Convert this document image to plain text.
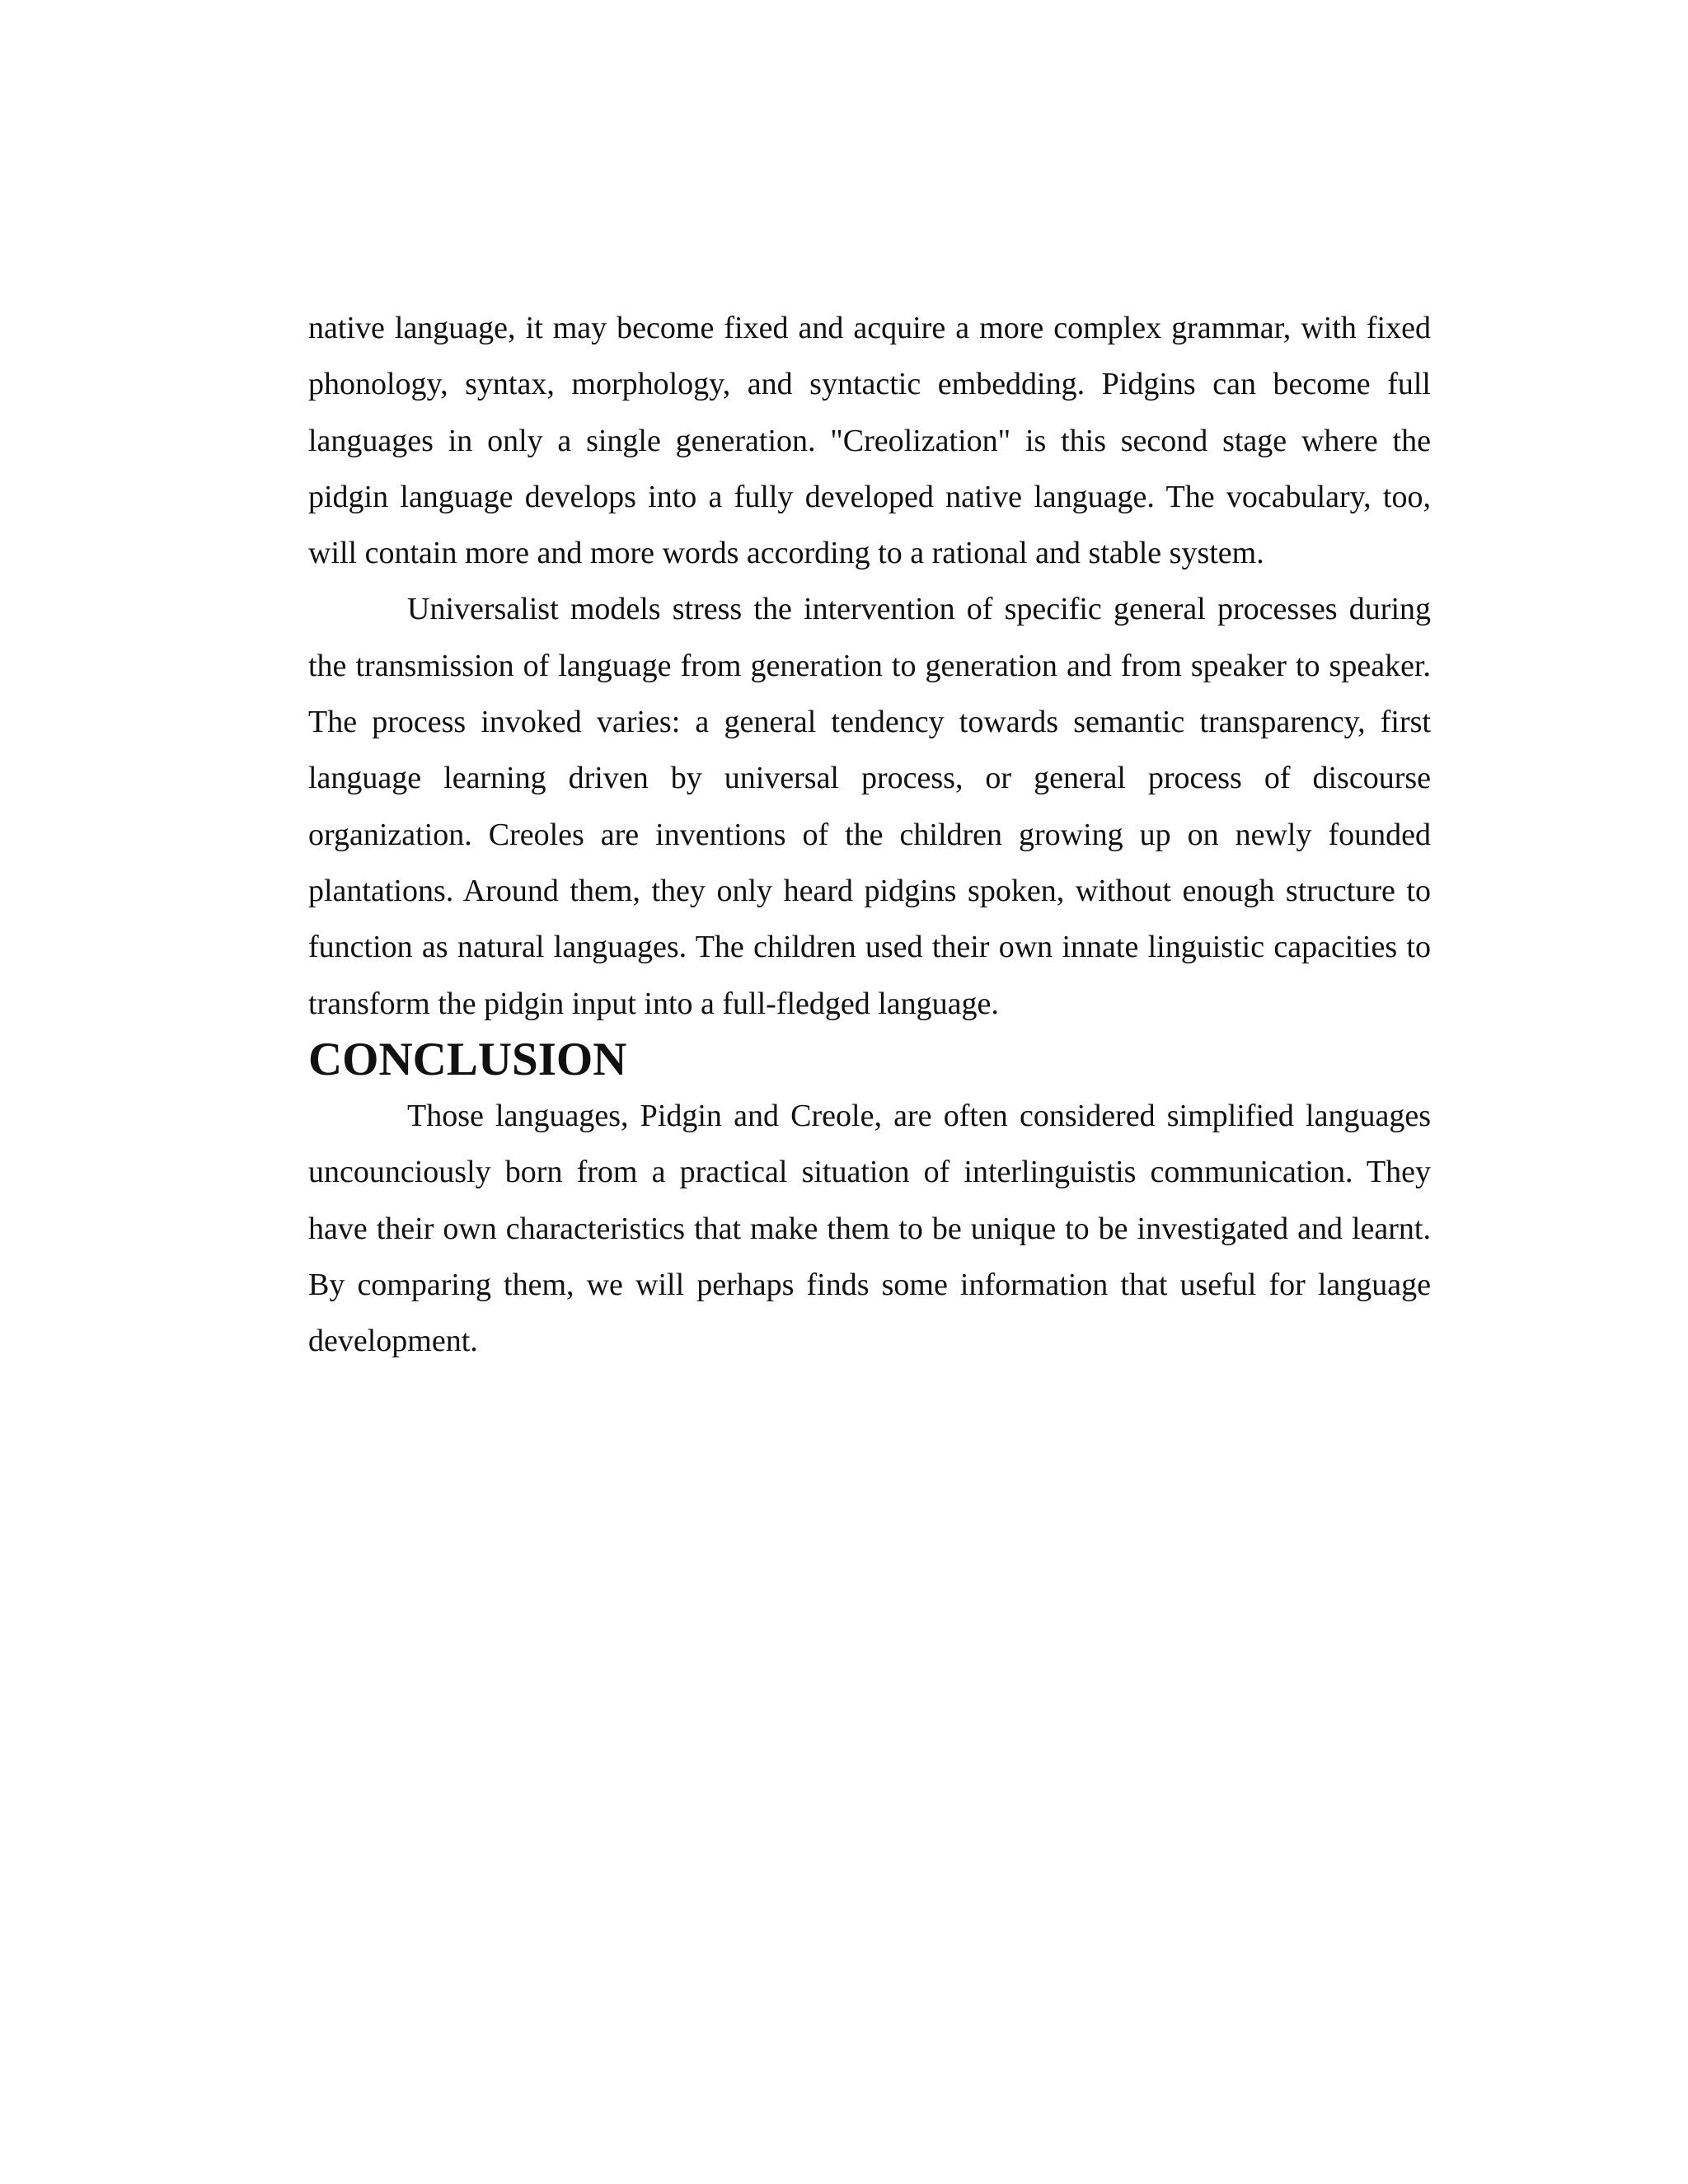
native language, it may become fixed and acquire a more complex grammar, with fixed phonology, syntax, morphology, and syntactic embedding. Pidgins can become full languages in only a single generation. "Creolization" is this second stage where the pidgin language develops into a fully developed native language. The vocabulary, too, will contain more and more words according to a rational and stable system.

Universalist models stress the intervention of specific general processes during the transmission of language from generation to generation and from speaker to speaker. The process invoked varies: a general tendency towards semantic transparency, first language learning driven by universal process, or general process of discourse organization. Creoles are inventions of the children growing up on newly founded plantations. Around them, they only heard pidgins spoken, without enough structure to function as natural languages. The children used their own innate linguistic capacities to transform the pidgin input into a full-fledged language.

CONCLUSION

Those languages, Pidgin and Creole, are often considered simplified languages uncounciously born from a practical situation of interlinguistis communication. They have their own characteristics that make them to be unique to be investigated and learnt. By comparing them, we will perhaps finds some information that useful for language development.
